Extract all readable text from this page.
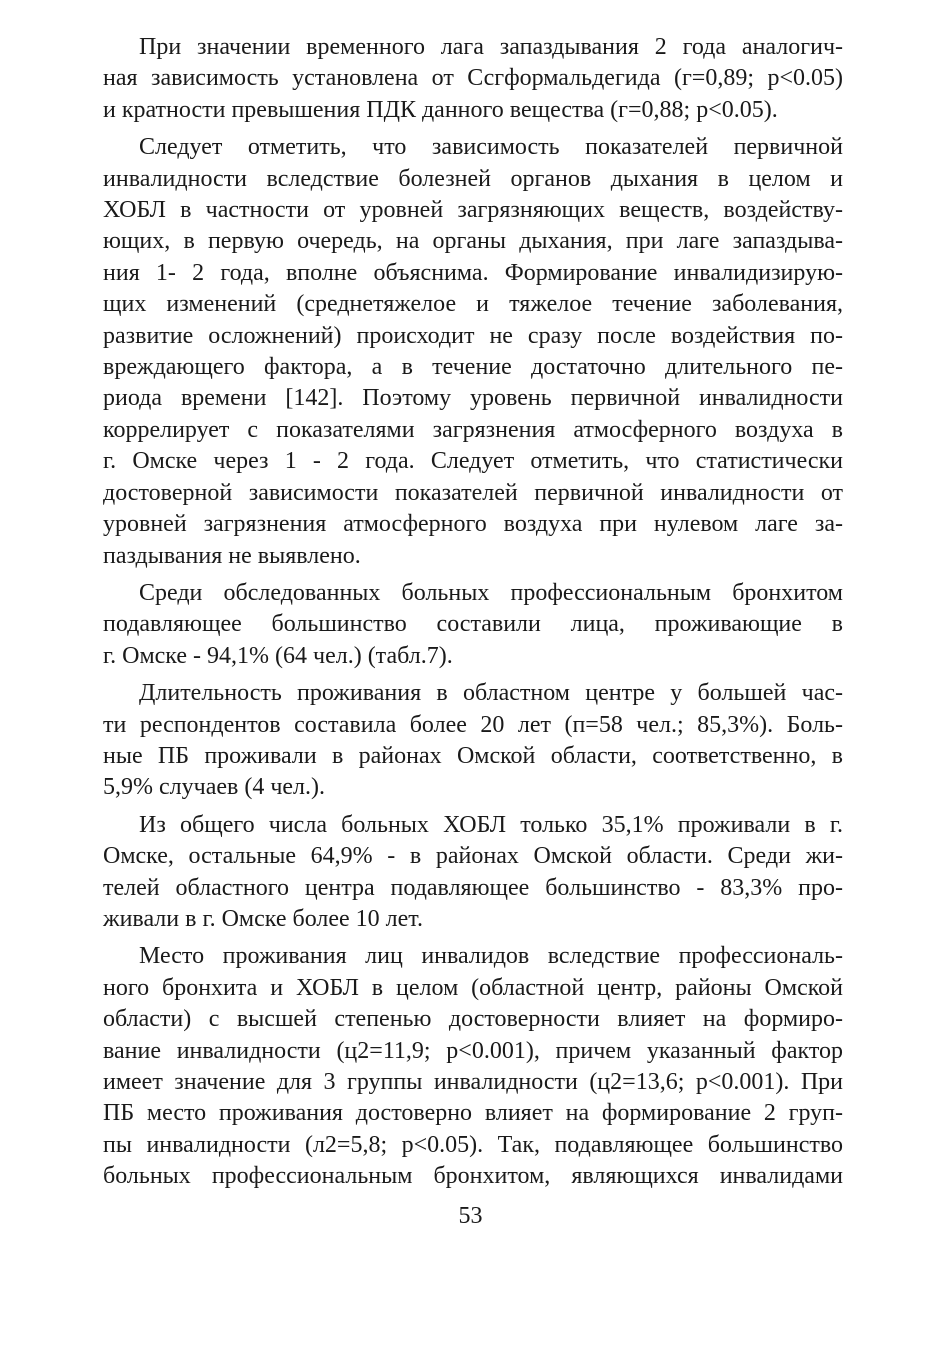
При значении временного лага запаздывания 2 года аналогич-
ная зависимость установлена от Ссгформальдегида (г=0,89; р<0.05)
и кратности превышения ПДК данного вещества (г=0,88; р<0.05).
Следует отметить, что зависимость показателей первичной
инвалидности вследствие болезней органов дыхания в целом и
ХОБЛ в частности от уровней загрязняющих веществ, воздейству-
ющих, в первую очередь, на органы дыхания, при лаге запаздыва-
ния 1- 2 года, вполне объяснима. Формирование инвалидизирую-
щих изменений (среднетяжелое и тяжелое течение заболевания,
развитие осложнений) происходит не сразу после воздействия по-
вреждающего фактора, а в течение достаточно длительного пе-
риода времени [142]. Поэтому уровень первичной инвалидности
коррелирует с показателями загрязнения атмосферного воздуха в
г. Омске через 1 - 2 года. Следует отметить, что статистически
достоверной зависимости показателей первичной инвалидности от
уровней загрязнения атмосферного воздуха при нулевом лаге за-
паздывания не выявлено.
Среди обследованных больных профессиональным бронхитом
подавляющее большинство составили лица, проживающие в
г. Омске - 94,1% (64 чел.) (табл.7).
Длительность проживания в областном центре у большей час-
ти респондентов составила более 20 лет (п=58 чел.; 85,3%). Боль-
ные ПБ проживали в районах Омской области, соответственно, в
5,9% случаев (4 чел.).
Из общего числа больных ХОБЛ только 35,1% проживали в г.
Омске, остальные 64,9% - в районах Омской области. Среди жи-
телей областного центра подавляющее большинство - 83,3% про-
живали в г. Омске более 10 лет.
Место проживания лиц инвалидов вследствие профессиональ-
ного бронхита и ХОБЛ в целом (областной центр, районы Омской
области) с высшей степенью достоверности влияет на формиро-
вание инвалидности (ц2=11,9; р<0.001), причем указанный фактор
имеет значение для 3 группы инвалидности (ц2=13,6; р<0.001). При
ПБ место проживания достоверно влияет на формирование 2 груп-
пы инвалидности (л2=5,8; р<0.05). Так, подавляющее большинство
больных профессиональным бронхитом, являющихся инвалидами
53
